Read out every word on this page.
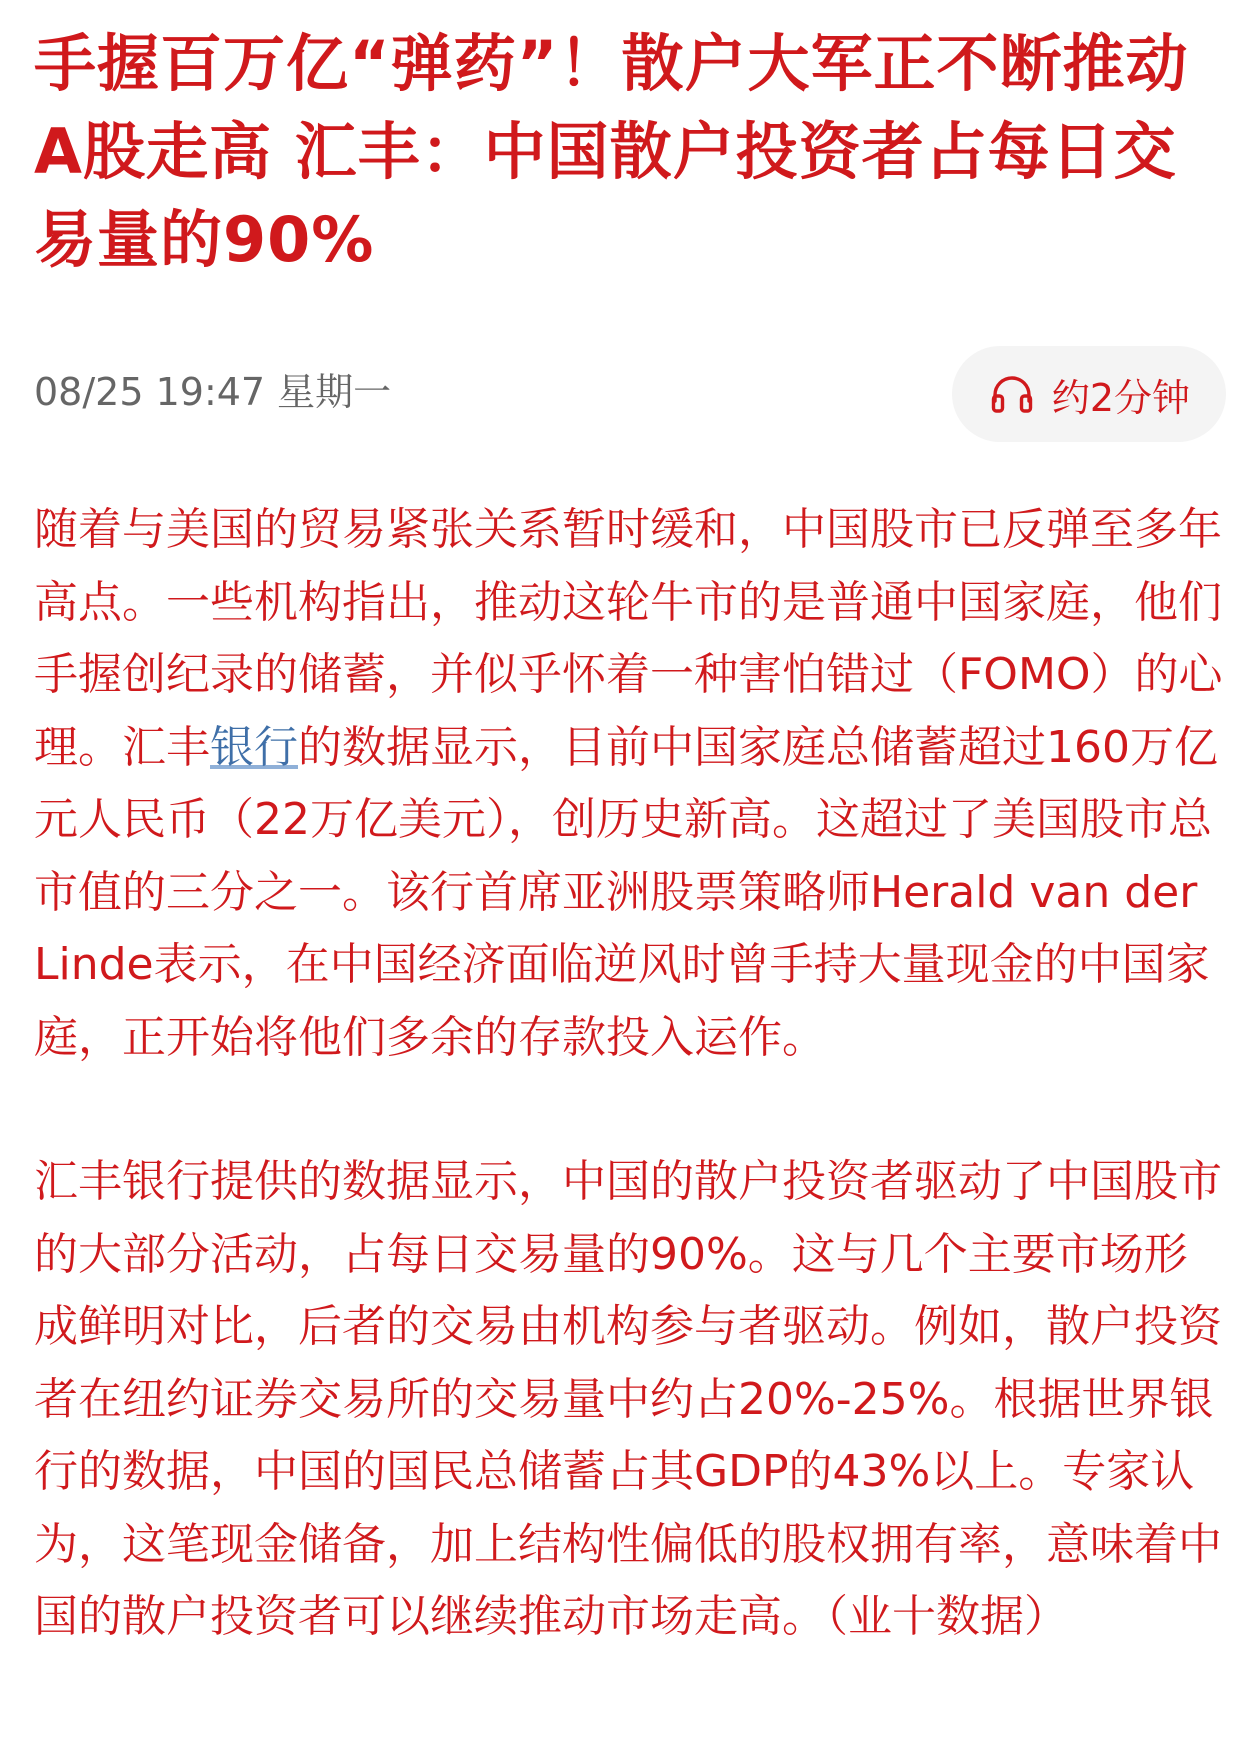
手握百万亿“弹药”！散户大军正不断推动A股走高 汇丰：中国散户投资者占每日交易量的90%
08/25 19:47 星期一	约2分钟

随着与美国的贸易紧张关系暂时缓和，中国股市已反弹至多年高点。一些机构指出，推动这轮牛市的是普通中国家庭，他们手握创纪录的储蓄，并似乎怀着一种害怕错过（FOMO）的心理。汇丰银行的数据显示，目前中国家庭总储蓄超过160万亿元人民币（22万亿美元），创历史新高。这超过了美国股市总市值的三分之一。该行首席亚洲股票策略师Herald van der Linde表示，在中国经济面临逆风时曾手持大量现金的中国家庭，正开始将他们多余的存款投入运作。

汇丰银行提供的数据显示，中国的散户投资者驱动了中国股市的大部分活动，占每日交易量的90%。这与几个主要市场形成鲜明对比，后者的交易由机构参与者驱动。例如，散户投资者在纽约证券交易所的交易量中约占20%-25%。根据世界银行的数据，中国的国民总储蓄占其GDP的43%以上。专家认为，这笔现金储备，加上结构性偏低的股权拥有率，意味着中国的散户投资者可以继续推动市场走高。（业十数据）
